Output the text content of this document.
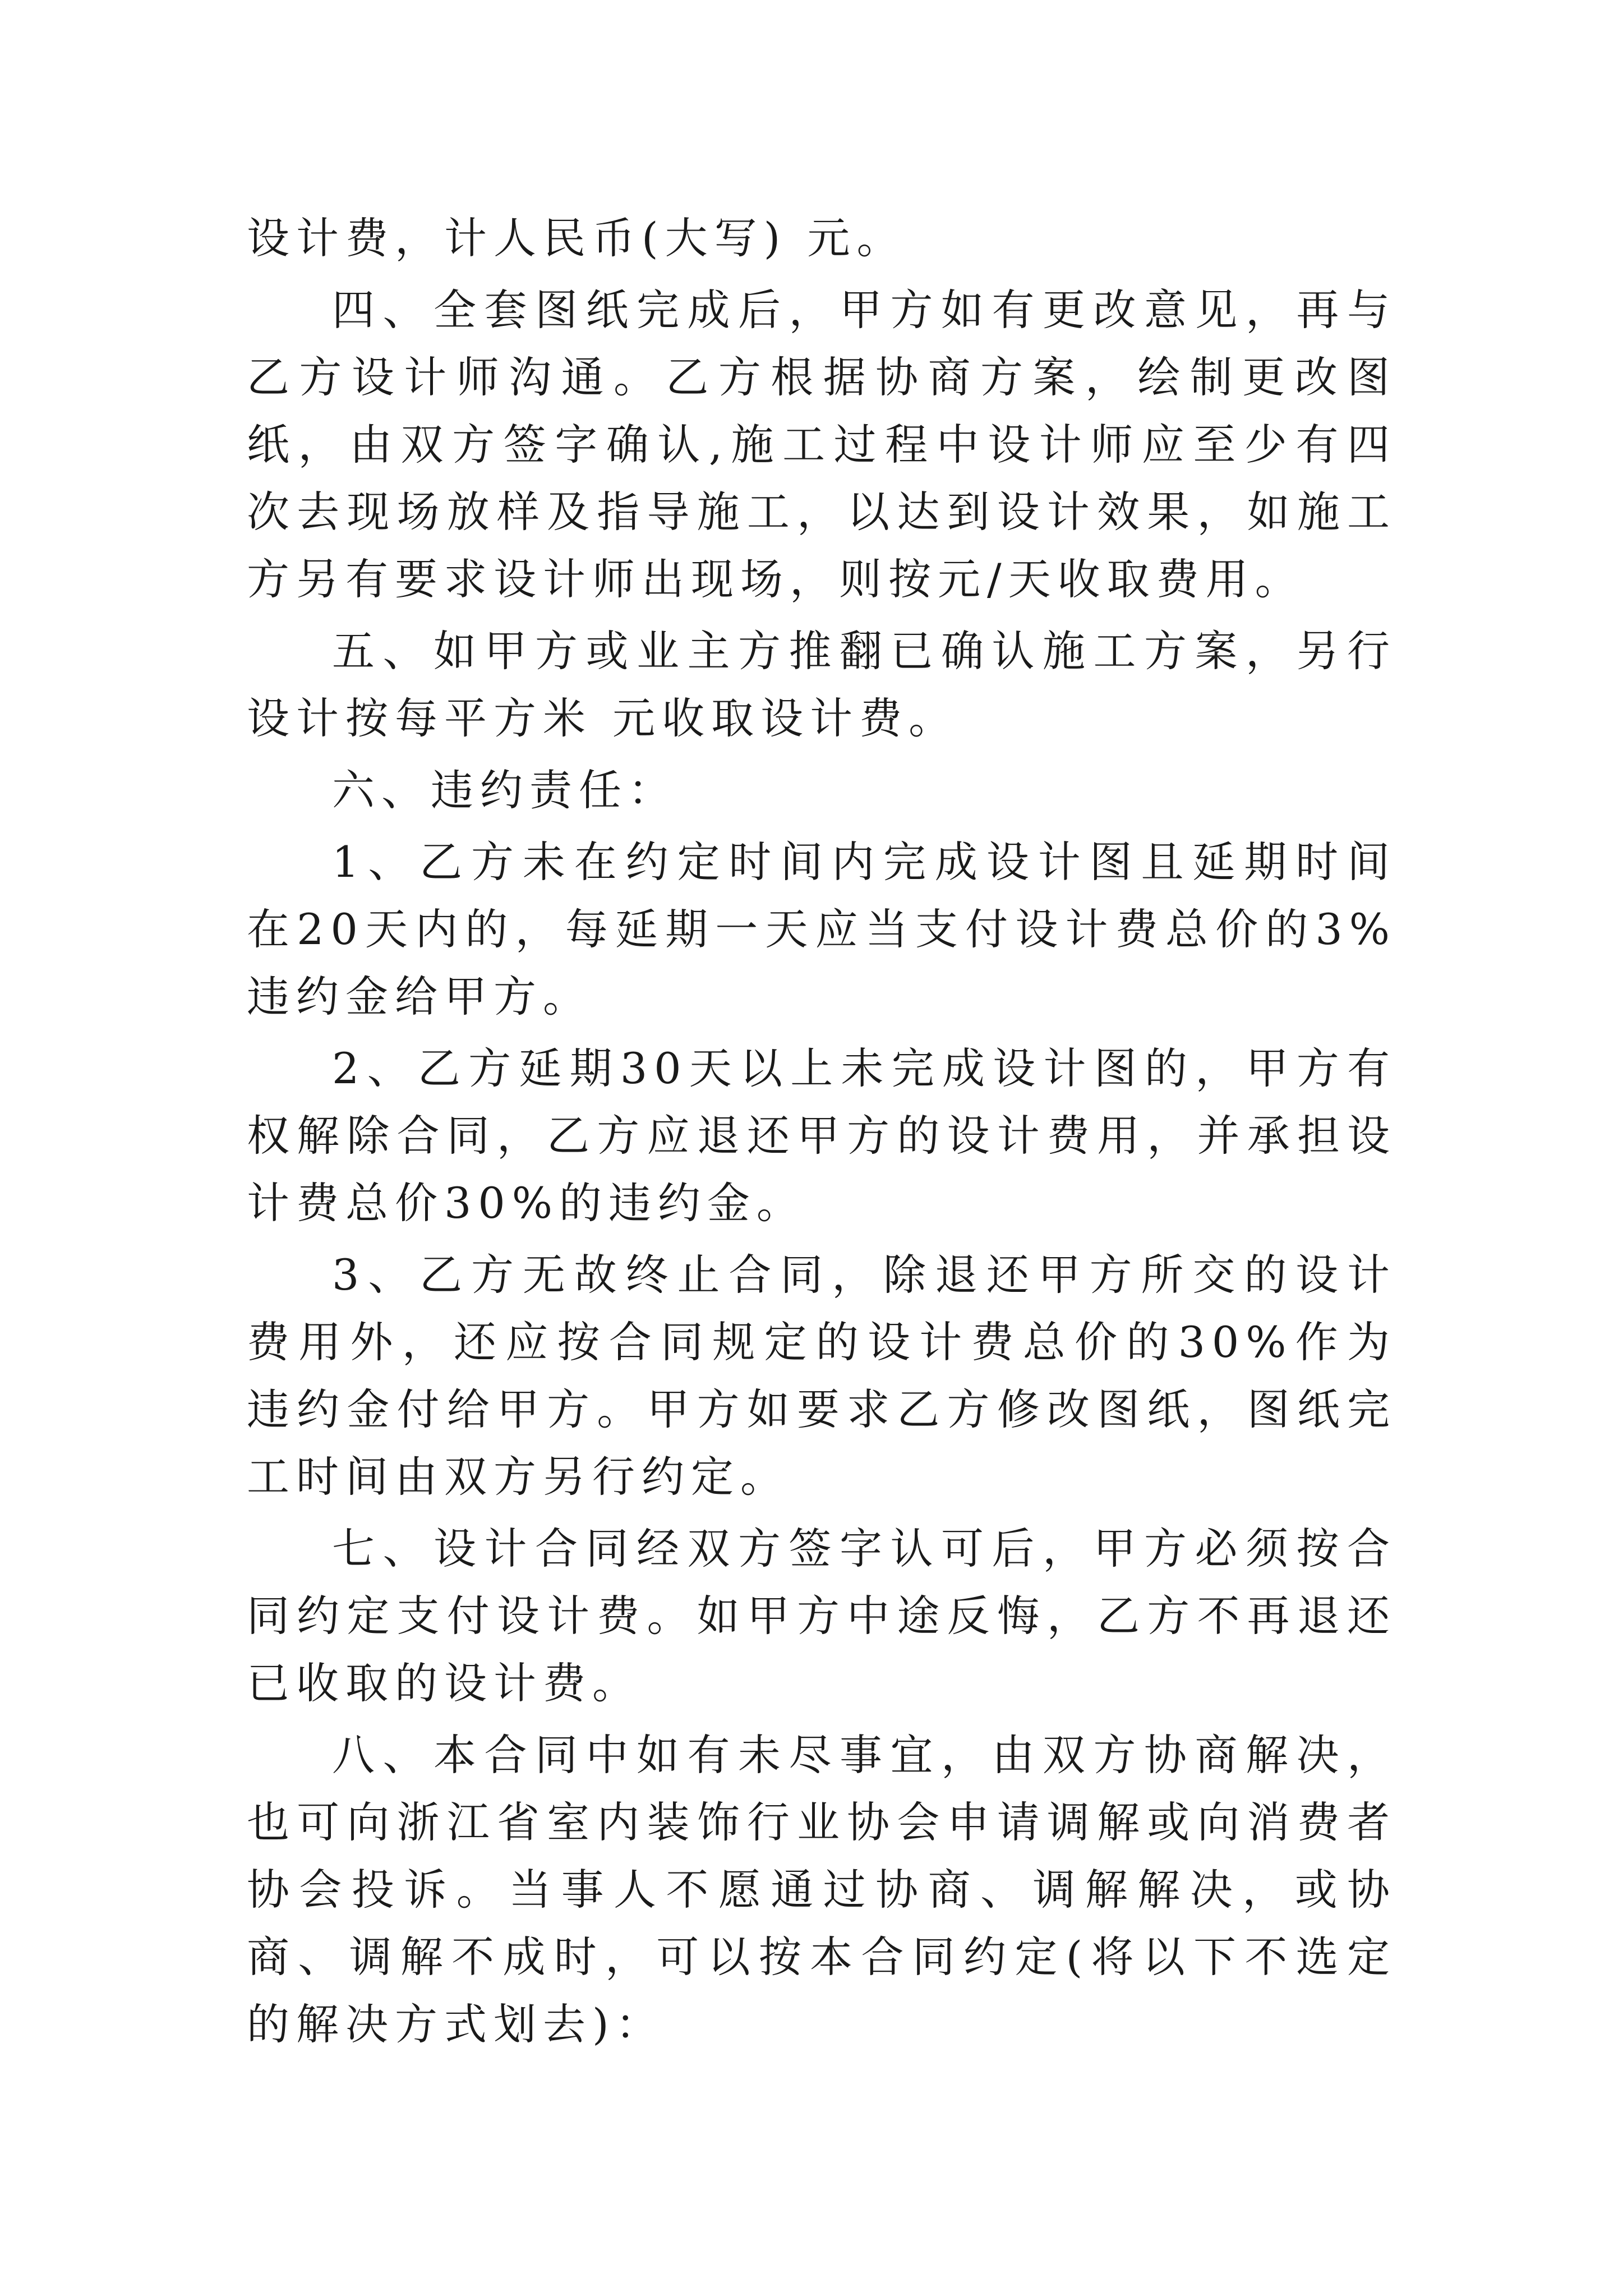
设计费，计人民币(大写) 元。

四、全套图纸完成后，甲方如有更改意见，再与乙方设计师沟通。乙方根据协商方案，绘制更改图纸，由双方签字确认,施工过程中设计师应至少有四次去现场放样及指导施工，以达到设计效果，如施工方另有要求设计师出现场，则按元/天收取费用。

五、如甲方或业主方推翻已确认施工方案，另行设计按每平方米 元收取设计费。

六、违约责任：

1、乙方未在约定时间内完成设计图且延期时间在20天内的，每延期一天应当支付设计费总价的3%违约金给甲方。

2、乙方延期30天以上未完成设计图的，甲方有权解除合同，乙方应退还甲方的设计费用，并承担设计费总价30%的违约金。

3、乙方无故终止合同，除退还甲方所交的设计费用外，还应按合同规定的设计费总价的30%作为违约金付给甲方。甲方如要求乙方修改图纸，图纸完工时间由双方另行约定。

七、设计合同经双方签字认可后，甲方必须按合同约定支付设计费。如甲方中途反悔，乙方不再退还已收取的设计费。

八、本合同中如有未尽事宜，由双方协商解决，也可向浙江省室内装饰行业协会申请调解或向消费者协会投诉。当事人不愿通过协商、调解解决，或协商、调解不成时，可以按本合同约定(将以下不选定的解决方式划去)：
